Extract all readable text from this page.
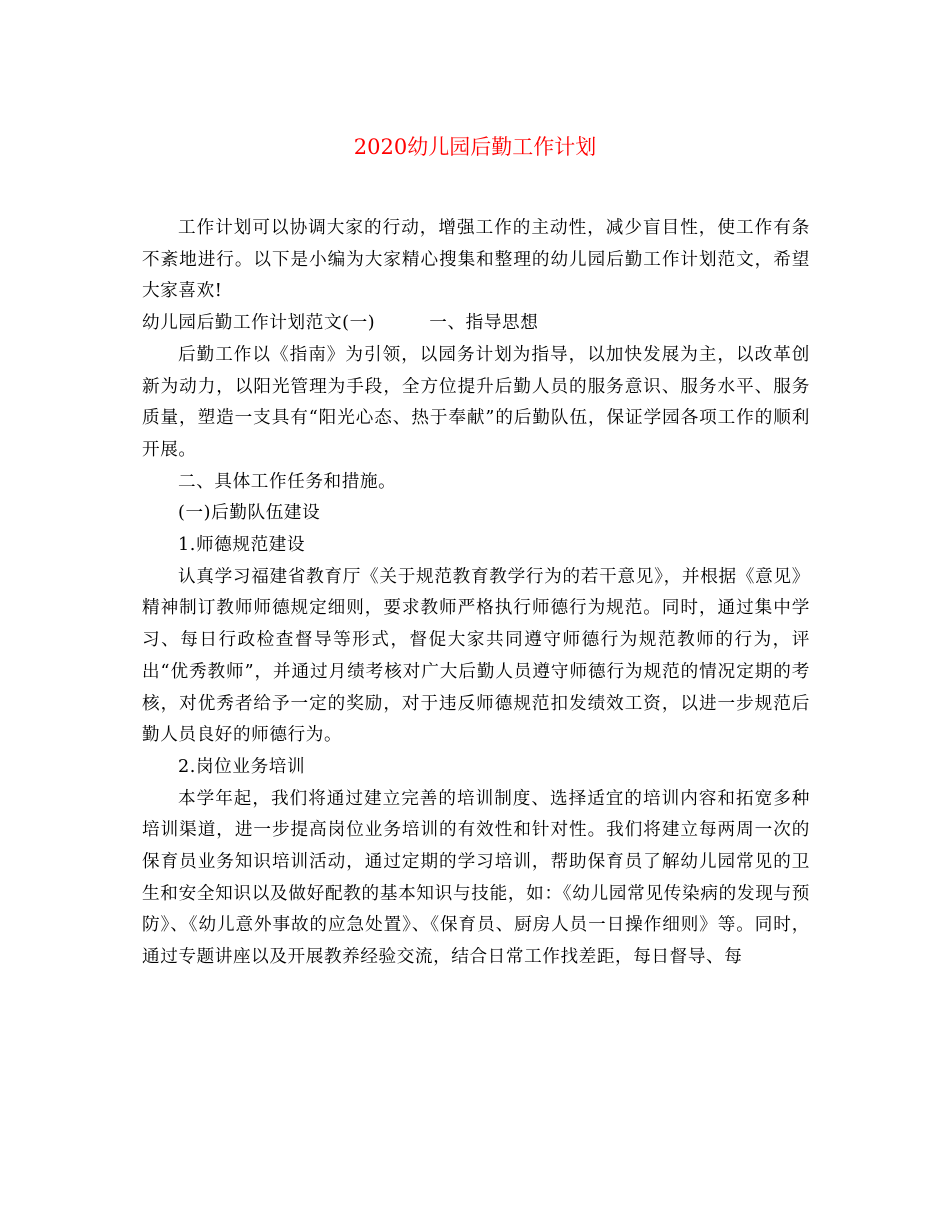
2020幼儿园后勤工作计划

工作计划可以协调大家的行动，增强工作的主动性，减少盲目性，使工作有条不紊地进行。以下是小编为大家精心搜集和整理的幼儿园后勤工作计划范文，希望大家喜欢!

幼儿园后勤工作计划范文(一)	一、指导思想

后勤工作以《指南》为引领，以园务计划为指导，以加快发展为主，以改革创新为动力，以阳光管理为手段，全方位提升后勤人员的服务意识、服务水平、服务质量，塑造一支具有“阳光心态、热于奉献”的后勤队伍，保证学园各项工作的顺利开展。

二、具体工作任务和措施。

(一)后勤队伍建设

1.师德规范建设

认真学习福建省教育厅《关于规范教育教学行为的若干意见》，并根据《意见》精神制订教师师德规定细则，要求教师严格执行师德行为规范。同时，通过集中学习、每日行政检查督导等形式，督促大家共同遵守师德行为规范教师的行为，评出“优秀教师”，并通过月绩考核对广大后勤人员遵守师德行为规范的情况定期的考核，对优秀者给予一定的奖励，对于违反师德规范扣发绩效工资，以进一步规范后勤人员良好的师德行为。

2.岗位业务培训

本学年起，我们将通过建立完善的培训制度、选择适宜的培训内容和拓宽多种培训渠道，进一步提高岗位业务培训的有效性和针对性。我们将建立每两周一次的保育员业务知识培训活动，通过定期的学习培训，帮助保育员了解幼儿园常见的卫生和安全知识以及做好配教的基本知识与技能，如：《幼儿园常见传染病的发现与预防》、《幼儿意外事故的应急处置》、《保育员、厨房人员一日操作细则》等。同时，通过专题讲座以及开展教养经验交流，结合日常工作找差距，每日督导、每
